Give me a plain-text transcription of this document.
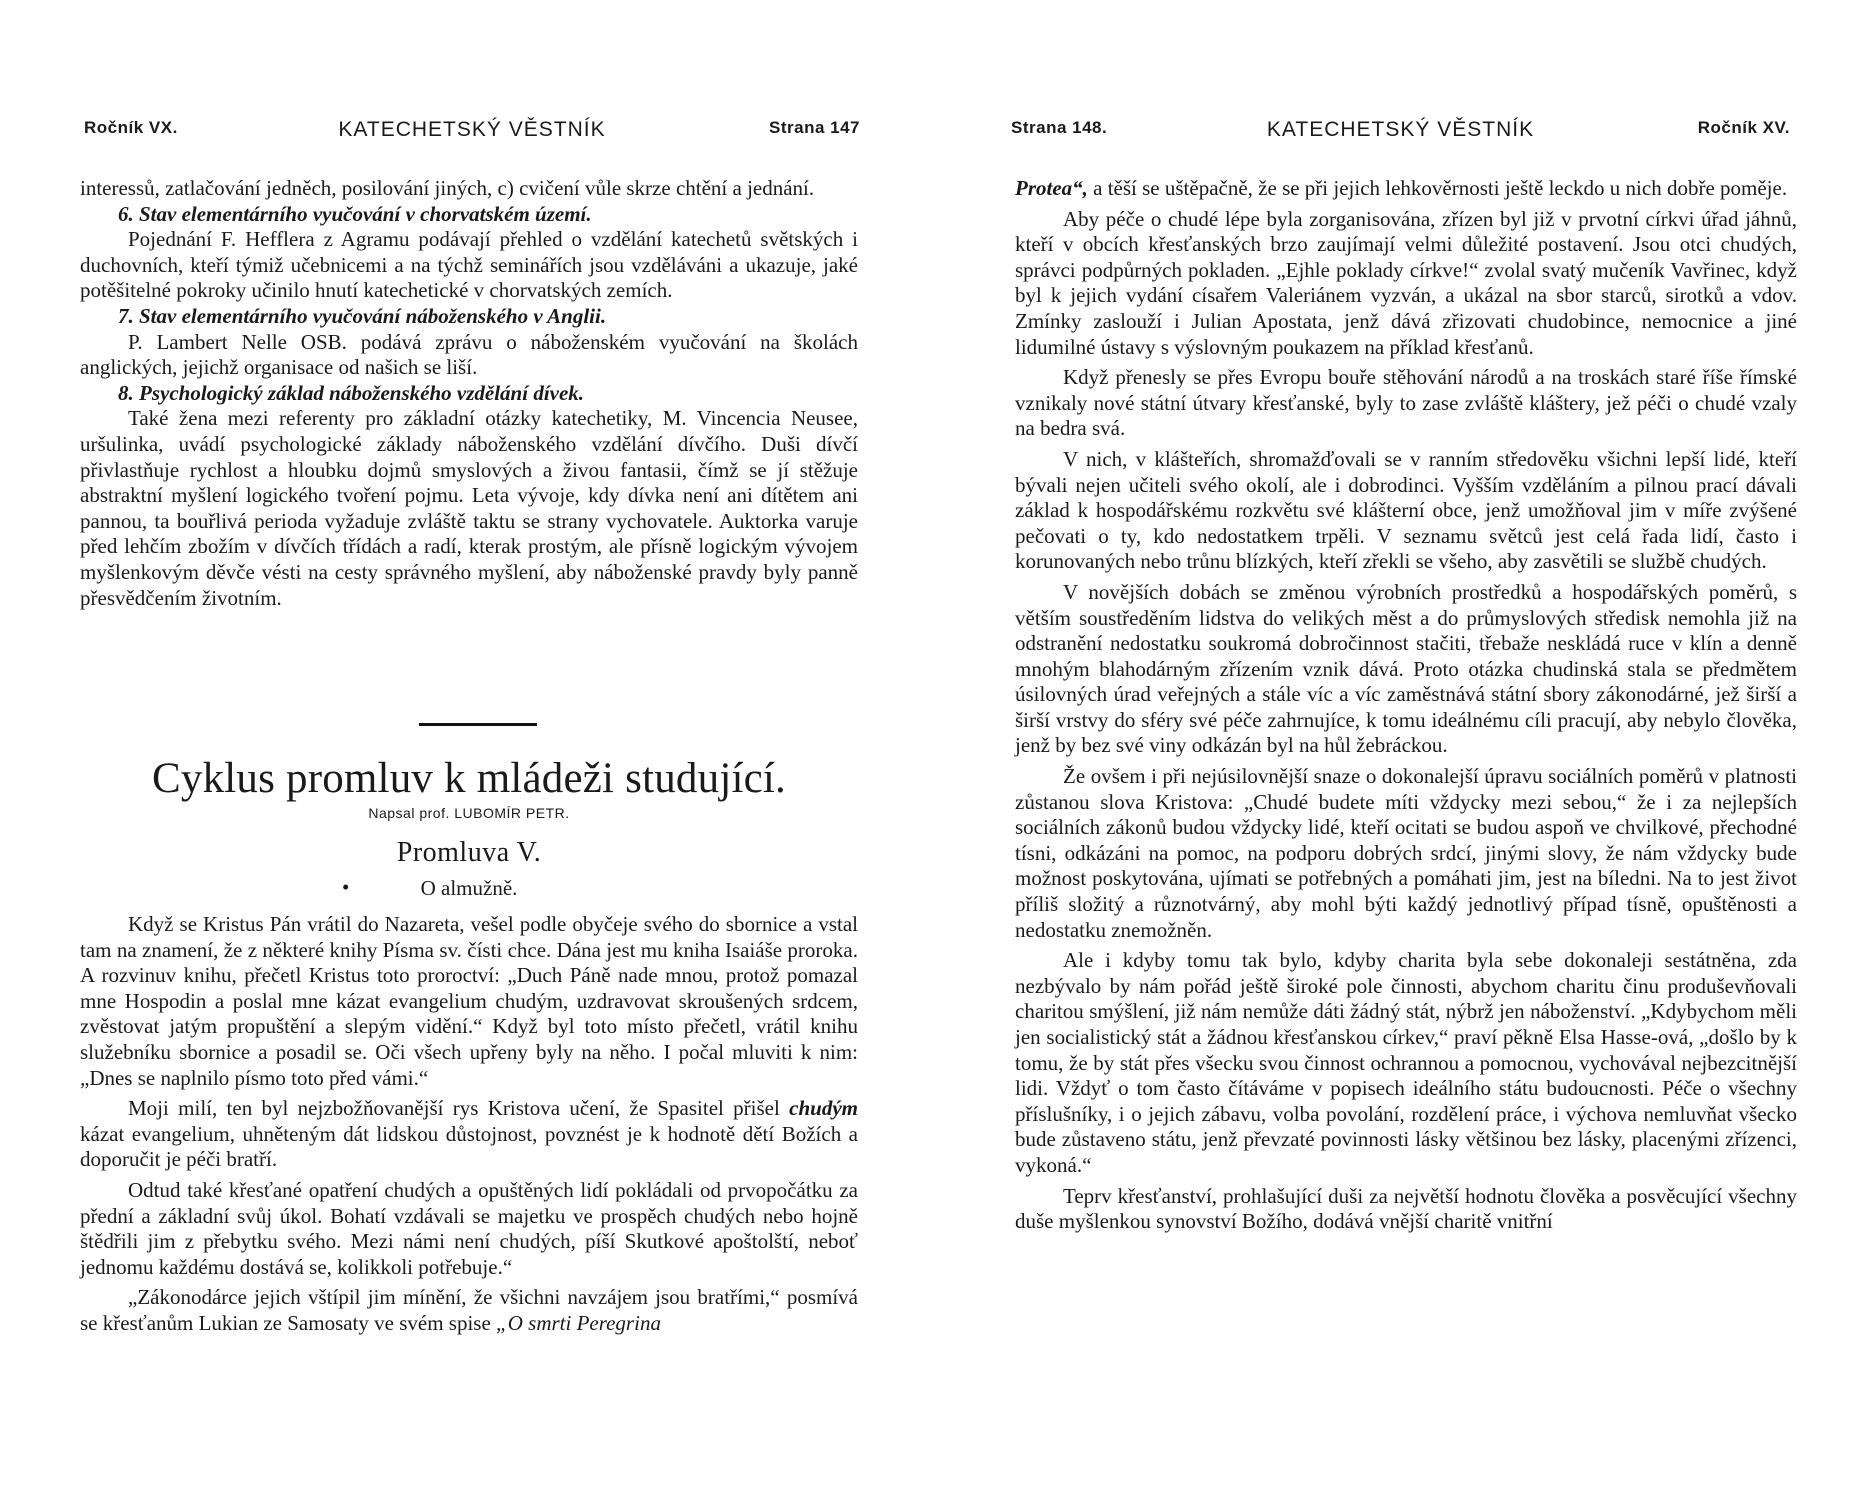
Ročník VX.	KATECHETSKÝ VĚSTNÍK	Strana 147

interessů, zatlačování jedněch, posilování jiných, c) cvičení vůle skrze chtění a jednání.

6. Stav elementárního vyučování v chorvatském území.

Pojednání F. Hefflera z Agramu podávají přehled o vzdělání katechetů světských i duchovních, kteří týmiž učebnicemi a na týchž seminářích jsou vzděláváni a ukazuje, jaké potěšitelné pokroky učinilo hnutí katechetické v chorvatských zemích.

7. Stav elementárního vyučování náboženského v Anglii.

P. Lambert Nelle OSB. podává zprávu o náboženském vyučování na školách anglických, jejichž organisace od našich se liší.

8. Psychologický základ náboženského vzdělání dívek.

Také žena mezi referenty pro základní otázky katechetiky, M. Vincencia Neusee, uršulinka, uvádí psychologické základy náboženského vzdělání dívčího. Duši dívčí přivlastňuje rychlost a hloubku dojmů smyslových a živou fantasii, čímž se jí stěžuje abstraktní myšlení logického tvoření pojmu. Leta vývoje, kdy dívka není ani dítětem ani pannou, ta bouřlivá perioda vyžaduje zvláště taktu se strany vychovatele. Auktorka varuje před lehčím zbožím v dívčích třídách a radí, kterak prostým, ale přísně logickým vývojem myšlenkovým děvče vésti na cesty správného myšlení, aby náboženské pravdy byly panně přesvědčením životním.

Cyklus promluv k mládeži studující.
Napsal prof. LUBOMÍR PETR.
Promluva V.
•	O almužně.

Když se Kristus Pán vrátil do Nazareta, vešel podle obyčeje svého do sbornice a vstal tam na znamení, že z některé knihy Písma sv. čísti chce. Dána jest mu kniha Isaiáše proroka. A rozvinuv knihu, přečetl Kristus toto proroctví: „Duch Páně nade mnou, protož pomazal mne Hospodin a poslal mne kázat evangelium chudým, uzdravovat skroušených srdcem, zvěstovat jatým propuštění a slepým vidění.“ Když byl toto místo přečetl, vrátil knihu služebníku sbornice a posadil se. Oči všech upřeny byly na něho. I počal mluviti k nim: „Dnes se naplnilo písmo toto před vámi.“

Moji milí, ten byl nejzbožňovanější rys Kristova učení, že Spasitel přišel chudým kázat evangelium, uhněteným dát lidskou důstojnost, povznést je k hodnotě dětí Božích a doporučit je péči bratří.

Odtud také křesťané opatření chudých a opuštěných lidí pokládali od prvopočátku za přední a základní svůj úkol. Bohatí vzdávali se majetku ve prospěch chudých nebo hojně štědřili jim z přebytku svého. Mezi námi není chudých, píší Skutkové apoštolští, neboť jednomu každému dostává se, kolikkoli potřebuje.“

„Zákonodárce jejich vštípil jim mínění, že všichni navzájem jsou bratřími,“ posmívá se křesťanům Lukian ze Samosaty ve svém spise „O smrti Peregrina

Strana 148.	KATECHETSKÝ VĚSTNÍK	Ročník XV.

Protea“, a těší se uštěpačně, že se při jejich lehkověrnosti ještě leckdo u nich dobře poměje.

Aby péče o chudé lépe byla zorganisována, zřízen byl již v prvotní církvi úřad jáhnů, kteří v obcích křesťanských brzo zaujímají velmi důležité postavení. Jsou otci chudých, správci podpůrných pokladen. „Ejhle poklady církve!“ zvolal svatý mučeník Vavřinec, když byl k jejich vydání císařem Valeriánem vyzván, a ukázal na sbor starců, sirotků a vdov. Zmínky zaslouží i Julian Apostata, jenž dává zřizovati chudobince, nemocnice a jiné lidumilné ústavy s výslovným poukazem na příklad křesťanů.

Když přenesly se přes Evropu bouře stěhování národů a na troskách staré říše římské vznikaly nové státní útvary křesťanské, byly to zase zvláště kláštery, jež péči o chudé vzaly na bedra svá.

V nich, v klášteřích, shromažďovali se v ranním středověku všichni lepší lidé, kteří bývali nejen učiteli svého okolí, ale i dobrodinci. Vyšším vzděláním a pilnou prací dávali základ k hospodářskému rozkvětu své klášterní obce, jenž umožňoval jim v míře zvýšené pečovati o ty, kdo nedostatkem trpěli. V seznamu světců jest celá řada lidí, často i korunovaných nebo trůnu blízkých, kteří zřekli se všeho, aby zasvětili se službě chudých.

V novějších dobách se změnou výrobních prostředků a hospodářských poměrů, s větším soustředěním lidstva do velikých měst a do průmyslových středisk nemohla již na odstranění nedostatku soukromá dobročinnost stačiti, třebaže neskládá ruce v klín a denně mnohým blahodárným zřízením vznik dává. Proto otázka chudinská stala se předmětem úsilovných úrad veřejných a stále víc a víc zaměstnává státní sbory zákonodárné, jež širší a širší vrstvy do sféry své péče zahrnujíce, k tomu ideálnému cíli pracují, aby nebylo člověka, jenž by bez své viny odkázán byl na hůl žebráckou.

Že ovšem i při nejúsilovnější snaze o dokonalejší úpravu sociálních poměrů v platnosti zůstanou slova Kristova: „Chudé budete míti vždycky mezi sebou,“ že i za nejlepších sociálních zákonů budou vždycky lidé, kteří ocitati se budou aspoň ve chvilkové, přechodné tísni, odkázáni na pomoc, na podporu dobrých srdcí, jinými slovy, že nám vždycky bude možnost poskytována, ujímati se potřebných a pomáhati jim, jest na bíledni. Na to jest život příliš složitý a různotvárný, aby mohl býti každý jednotlivý případ tísně, opuštěnosti a nedostatku znemožněn.

Ale i kdyby tomu tak bylo, kdyby charita byla sebe dokonaleji sestátněna, zda nezbývalo by nám pořád ještě široké pole činnosti, abychom charitu činu produševňovali charitou smýšlení, již nám nemůže dáti žádný stát, nýbrž jen náboženství. „Kdybychom měli jen socialistický stát a žádnou křesťanskou církev,“ praví pěkně Elsa Hasse-ová, „došlo by k tomu, že by stát přes všecku svou činnost ochrannou a pomocnou, vychovával nejbezcitnější lidi. Vždyť o tom často čítáváme v popisech ideálního státu budoucnosti. Péče o všechny příslušníky, i o jejich zábavu, volba povolání, rozdělení práce, i výchova nemluvňat všecko bude zůstaveno státu, jenž převzaté povinnosti lásky většinou bez lásky, placenými zřízenci, vykoná.“

Teprv křesťanství, prohlašující duši za největší hodnotu člověka a posvěcující všechny duše myšlenkou synovství Božího, dodává vnější charitě vnitřní
